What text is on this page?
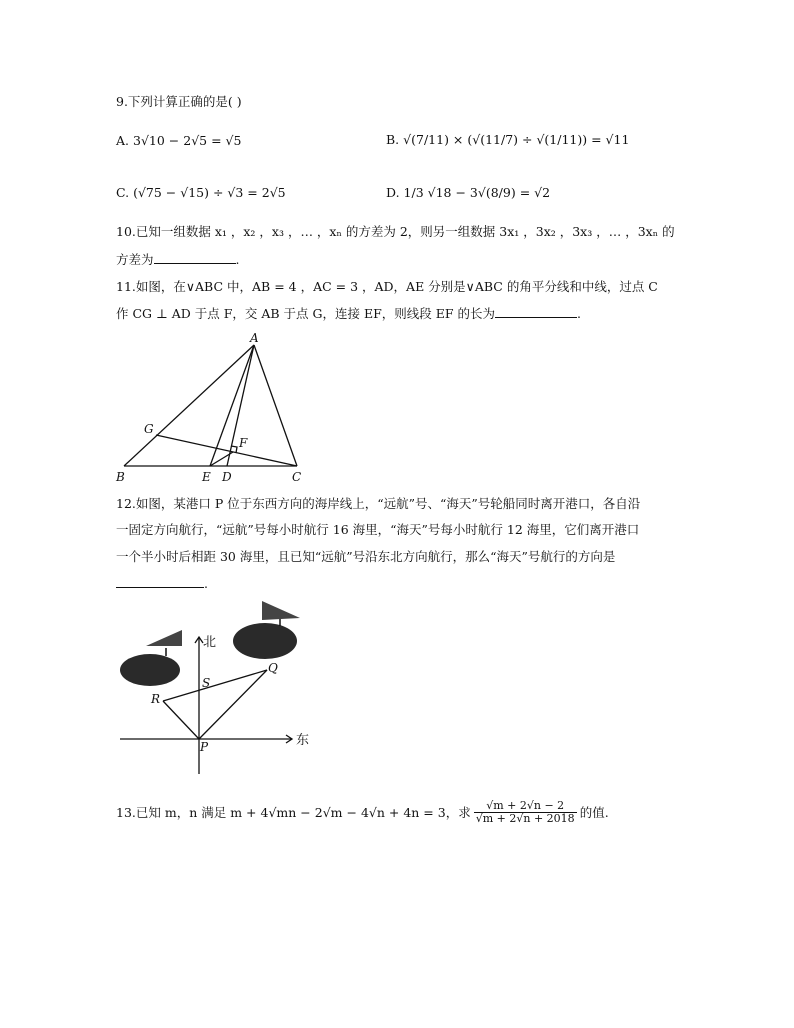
9.下列计算正确的是( )
A. 3√10 − 2√5 = √5	B. √(7/11) × (√(11/7) ÷ √(1/11)) = √11
C. (√75 − √15) ÷ √3 = 2√5	D. 1/3 √18 − 3√(8/9) = √2
10.已知一组数据 x₁ ，x₂ ，x₃ ，… ，xₙ 的方差为 2，则另一组数据 3x₁ ，3x₂ ，3x₃ ，… ，3xₙ 的
方差为	.
11.如图，在∨ABC 中，AB = 4 ，AC = 3 ，AD，AE 分别是∨ABC 的角平分线和中线，过点 C
作 CG ⊥ AD 于点 F，交 AB 于点 G，连接 EF，则线段 EF 的长为	.
A
B	C
D
E
F
G
12.如图，某港口 P 位于东西方向的海岸线上，“远航”号、“海天”号轮船同时离开港口，各自沿
一固定方向航行，“远航”号每小时航行 16 海里，“海天”号每小时航行 12 海里，它们离开港口
一个半小时后相距 30 海里，且已知“远航”号沿东北方向航行，那么“海天”号航行的方向是
.
北
东
P
Q
R
S
13.已知 m，n 满足 m + 4√mn − 2√m − 4√n + 4n = 3 ，求 $\frac{√m + 2√n - 2}{√m + 2√n + 2018}$ 的值.
